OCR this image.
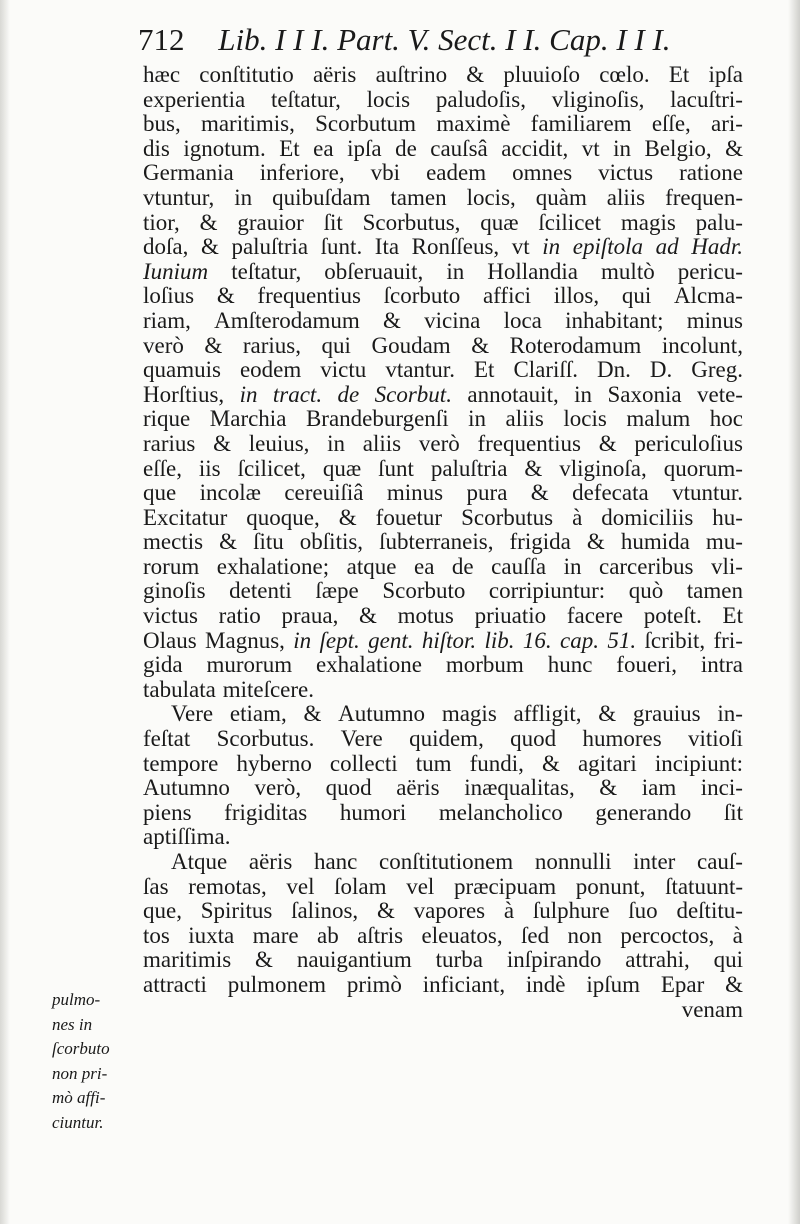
712 Lib. I I I. Part. V. Sect. I I. Cap. I I I.
hæc conſtitutio aëris auſtrino & pluuioſo cœlo. Et ipſa
experientia teſtatur, locis paludoſis, vliginoſis, lacuſtri-
bus, maritimis, Scorbutum maximè familiarem eſſe, ari-
dis ignotum. Et ea ipſa de cauſsâ accidit, vt in Belgio, &
Germania inferiore, vbi eadem omnes victus ratione
vtuntur, in quibuſdam tamen locis, quàm aliis frequen-
tior, & grauior ſit Scorbutus, quæ ſcilicet magis palu-
doſa, & paluſtria ſunt. Ita Ronſſeus, vt in epiſtola ad Hadr.
Iunium teſtatur, obſeruauit, in Hollandia multò pericu-
loſius & frequentius ſcorbuto affici illos, qui Alcma-
riam, Amſterodamum & vicina loca inhabitant; minus
verò & rarius, qui Goudam & Roterodamum incolunt,
quamuis eodem victu vtantur. Et Clariſſ. Dn. D. Greg.
Horſtius, in tract. de Scorbut. annotauit, in Saxonia vete-
rique Marchia Brandeburgenſi in aliis locis malum hoc
rarius & leuius, in aliis verò frequentius & periculoſius
eſſe, iis ſcilicet, quæ ſunt paluſtria & vliginoſa, quorum-
que incolæ cereuiſiâ minus pura & defecata vtuntur.
Excitatur quoque, & fouetur Scorbutus à domiciliis hu-
mectis & ſitu obſitis, ſubterraneis, frigida & humida mu-
rorum exhalatione; atque ea de cauſſa in carceribus vli-
ginoſis detenti ſæpe Scorbuto corripiuntur: quò tamen
victus ratio praua, & motus priuatio facere poteſt. Et
Olaus Magnus, in ſept. gent. hiſtor. lib. 16. cap. 51. ſcribit, fri-
gida murorum exhalatione morbum hunc foueri, intra
tabulata miteſcere.
Vere etiam, & Autumno magis affligit, & grauius in-
feſtat Scorbutus. Vere quidem, quod humores vitioſi
tempore hyberno collecti tum fundi, & agitari incipiunt:
Autumno verò, quod aëris inæqualitas, & iam inci-
piens frigiditas humori melancholico generando ſit
aptiſſima.
Atque aëris hanc conſtitutionem nonnulli inter cauſ-
ſas remotas, vel ſolam vel præcipuam ponunt, ſtatuunt-
que, Spiritus ſalinos, & vapores à ſulphure ſuo deſtitu-
tos iuxta mare ab aſtris eleuatos, ſed non percoctos, à
maritimis & nauigantium turba inſpirando attrahi, qui
attracti pulmonem primò inficiant, indè ipſum Epar &
venam
pulmo-
nes in
ſcorbuto
non pri-
mò affi-
ciuntur.
